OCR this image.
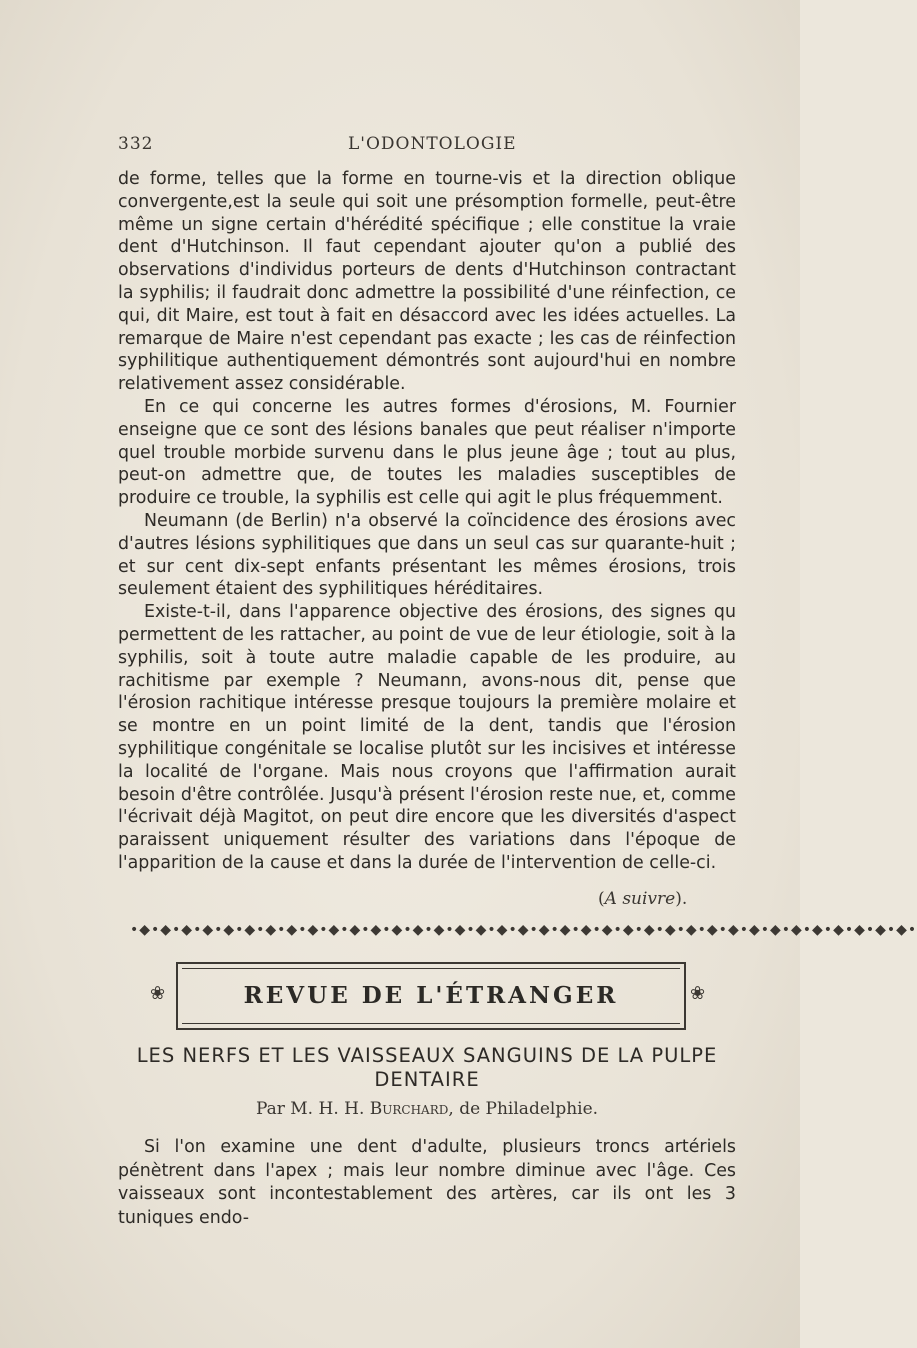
332	L'ODONTOLOGIE

de forme, telles que la forme en tourne-vis et la direction oblique convergente,est la seule qui soit une présomption formelle, peut-être même un signe certain d'hérédité spécifique ; elle constitue la vraie dent d'Hutchinson. Il faut cependant ajouter qu'on a publié des observations d'individus porteurs de dents d'Hutchinson contractant la syphilis; il faudrait donc admettre la possibilité d'une réinfection, ce qui, dit Maire, est tout à fait en désaccord avec les idées actuelles. La remarque de Maire n'est cependant pas exacte ; les cas de réinfection syphilitique authentiquement démontrés sont aujourd'hui en nombre relativement assez considérable.

En ce qui concerne les autres formes d'érosions, M. Fournier enseigne que ce sont des lésions banales que peut réaliser n'importe quel trouble morbide survenu dans le plus jeune âge ; tout au plus, peut-on admettre que, de toutes les maladies susceptibles de produire ce trouble, la syphilis est celle qui agit le plus fréquemment.

Neumann (de Berlin) n'a observé la coïncidence des érosions avec d'autres lésions syphilitiques que dans un seul cas sur quarante-huit ; et sur cent dix-sept enfants présentant les mêmes érosions, trois seulement étaient des syphilitiques héréditaires.

Existe-t-il, dans l'apparence objective des érosions, des signes qu permettent de les rattacher, au point de vue de leur étiologie, soit à la syphilis, soit à toute autre maladie capable de les produire, au rachitisme par exemple ? Neumann, avons-nous dit, pense que l'érosion rachitique intéresse presque toujours la première molaire et se montre en un point limité de la dent, tandis que l'érosion syphilitique congénitale se localise plutôt sur les incisives et intéresse la localité de l'organe. Mais nous croyons que l'affirmation aurait besoin d'être contrôlée. Jusqu'à présent l'érosion reste nue, et, comme l'écrivait déjà Magitot, on peut dire encore que les diversités d'aspect paraissent uniquement résulter des variations dans l'époque de l'apparition de la cause et dans la durée de l'intervention de celle-ci.

(A suivre).
•◆•◆•◆•◆•◆•◆•◆•◆•◆•◆•◆•◆•◆•◆•◆•◆•◆•◆•◆•◆•◆•◆•◆•◆•◆•◆•◆•◆•◆•◆•◆•◆•◆•◆•◆•◆•◆•
❀	REVUE DE L'ÉTRANGER	❀
LES NERFS ET LES VAISSEAUX SANGUINS DE LA PULPE DENTAIRE
Par M. H. H. Burchard, de Philadelphie.

Si l'on examine une dent d'adulte, plusieurs troncs artériels pénètrent dans l'apex ; mais leur nombre diminue avec l'âge. Ces vaisseaux sont incontestablement des artères, car ils ont les 3 tuniques endo-
